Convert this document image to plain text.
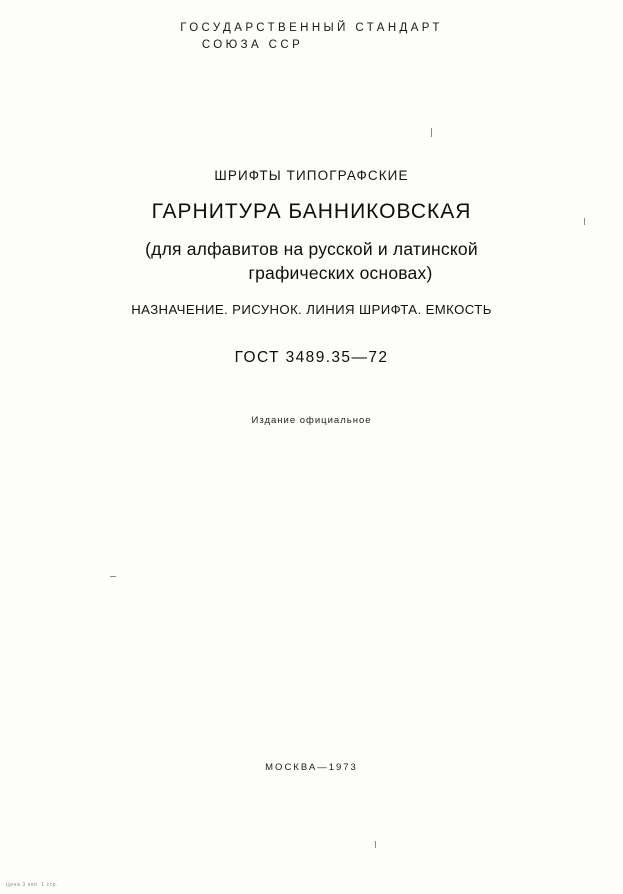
ГОСУДАРСТВЕННЫЙ СТАНДАРТ
СОЮЗА ССР
ШРИФТЫ ТИПОГРАФСКИЕ
ГАРНИТУРА БАННИКОВСКАЯ
(для алфавитов на русской и латинской
графических основах)
НАЗНАЧЕНИЕ. РИСУНОК. ЛИНИЯ ШРИФТА. ЕМКОСТЬ
ГОСТ 3489.35—72
Издание официальное
МОСКВА—1973
Цена 3 коп. 1 стр.
